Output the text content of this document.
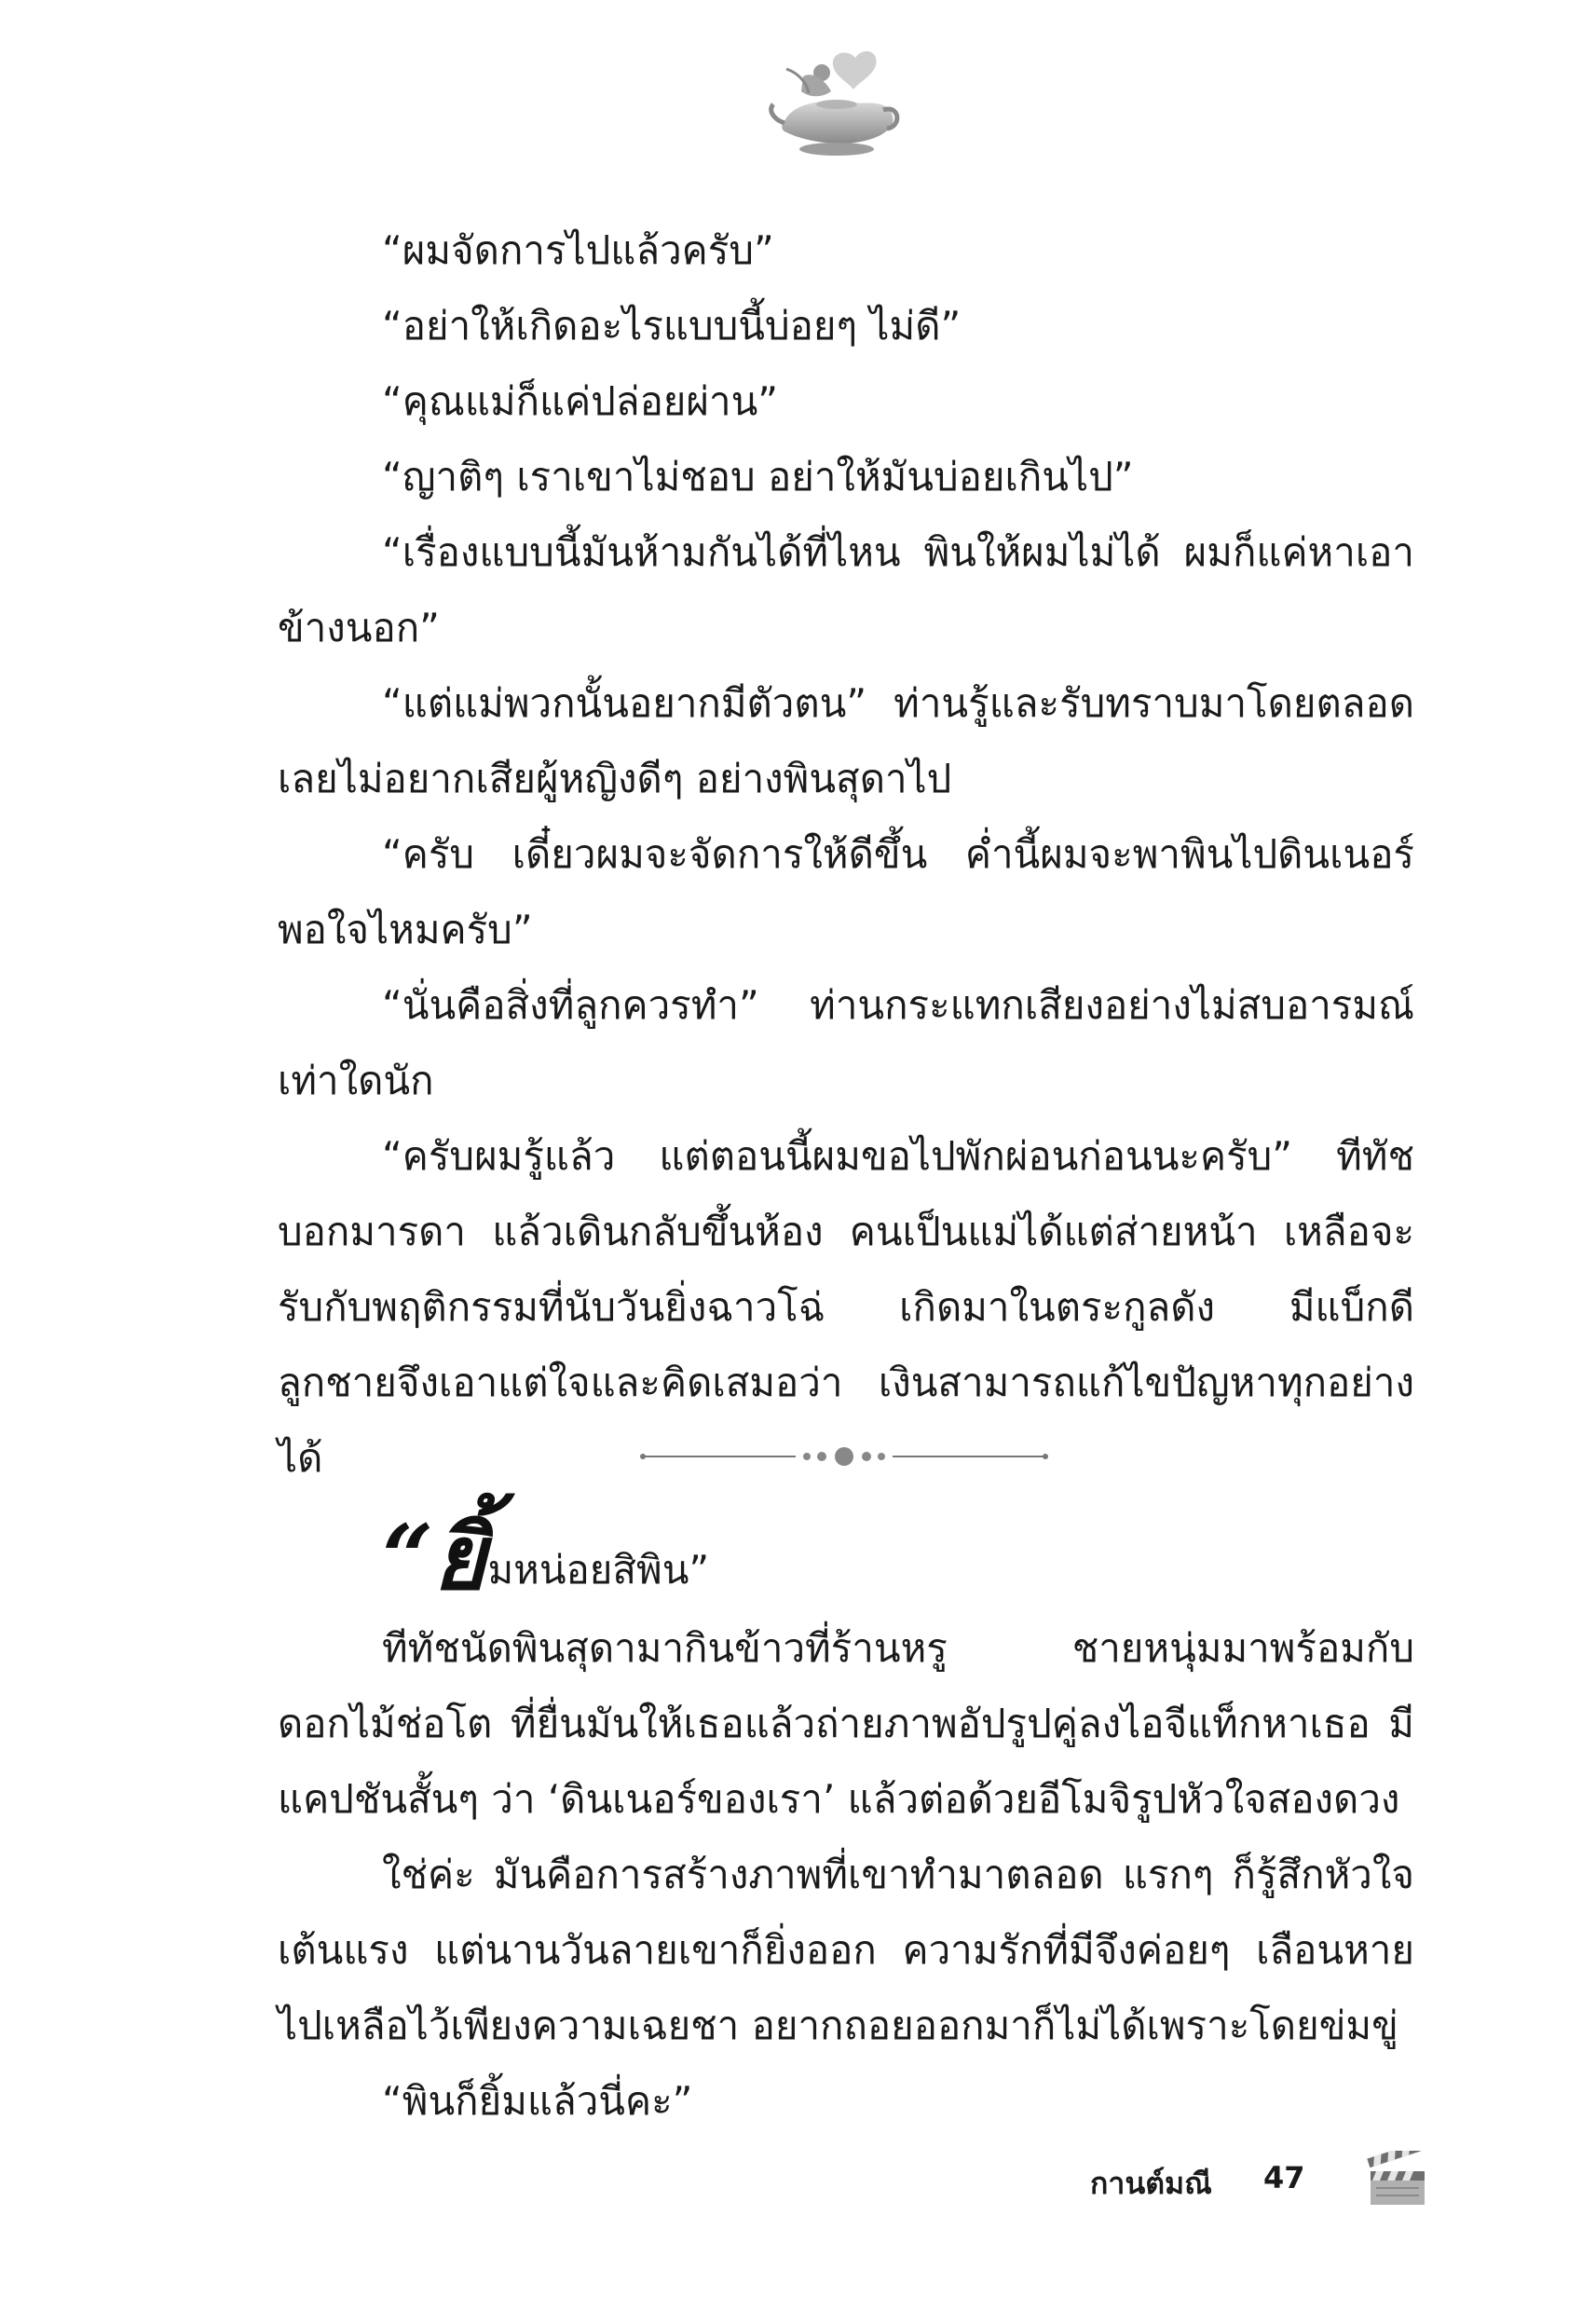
“ผมจัดการไปแล้วครับ”

“อย่าให้เกิดอะไรแบบนี้บ่อยๆ ไม่ดี”

“คุณแม่ก็แค่ปล่อยผ่าน”

“ญาติๆ เราเขาไม่ชอบ อย่าให้มันบ่อยเกินไป”

“เรื่องแบบนี้มันห้ามกันได้ที่ไหน พินให้ผมไม่ได้ ผมก็แค่หาเอาข้างนอก”

“แต่แม่พวกนั้นอยากมีตัวตน” ท่านรู้และรับทราบมาโดยตลอดเลยไม่อยากเสียผู้หญิงดีๆ อย่างพินสุดาไป

“ครับ เดี๋ยวผมจะจัดการให้ดีขึ้น ค่ำนี้ผมจะพาพินไปดินเนอร์พอใจไหมครับ”

“นั่นคือสิ่งที่ลูกควรทำ” ท่านกระแทกเสียงอย่างไม่สบอารมณ์เท่าใดนัก

“ครับผมรู้แล้ว แต่ตอนนี้ผมขอไปพักผ่อนก่อนนะครับ” ทีทัชบอกมารดา แล้วเดินกลับขึ้นห้อง คนเป็นแม่ได้แต่ส่ายหน้า เหลือจะรับกับพฤติกรรมที่นับวันยิ่งฉาวโฉ่ เกิดมาในตระกูลดัง มีแบ็กดี ลูกชายจึงเอาแต่ใจและคิดเสมอว่า เงินสามารถแก้ไขปัญหาทุกอย่างได้

“ยิ้ มหน่อยสิพิน”

ทีทัชนัดพินสุดามากินข้าวที่ร้านหรู ชายหนุ่มมาพร้อมกับดอกไม้ช่อโต ที่ยื่นมันให้เธอแล้วถ่ายภาพอัปรูปคู่ลงไอจีแท็กหาเธอ มีแคปชันสั้นๆ ว่า ‘ดินเนอร์ของเรา’ แล้วต่อด้วยอีโมจิรูปหัวใจสองดวง

ใช่ค่ะ มันคือการสร้างภาพที่เขาทำมาตลอด แรกๆ ก็รู้สึกหัวใจเต้นแรง แต่นานวันลายเขาก็ยิ่งออก ความรักที่มีจึงค่อยๆ เลือนหายไปเหลือไว้เพียงความเฉยชา อยากถอยออกมาก็ไม่ได้เพราะโดยข่มขู่

“พินก็ยิ้มแล้วนี่คะ”

กานต์มณี 47
